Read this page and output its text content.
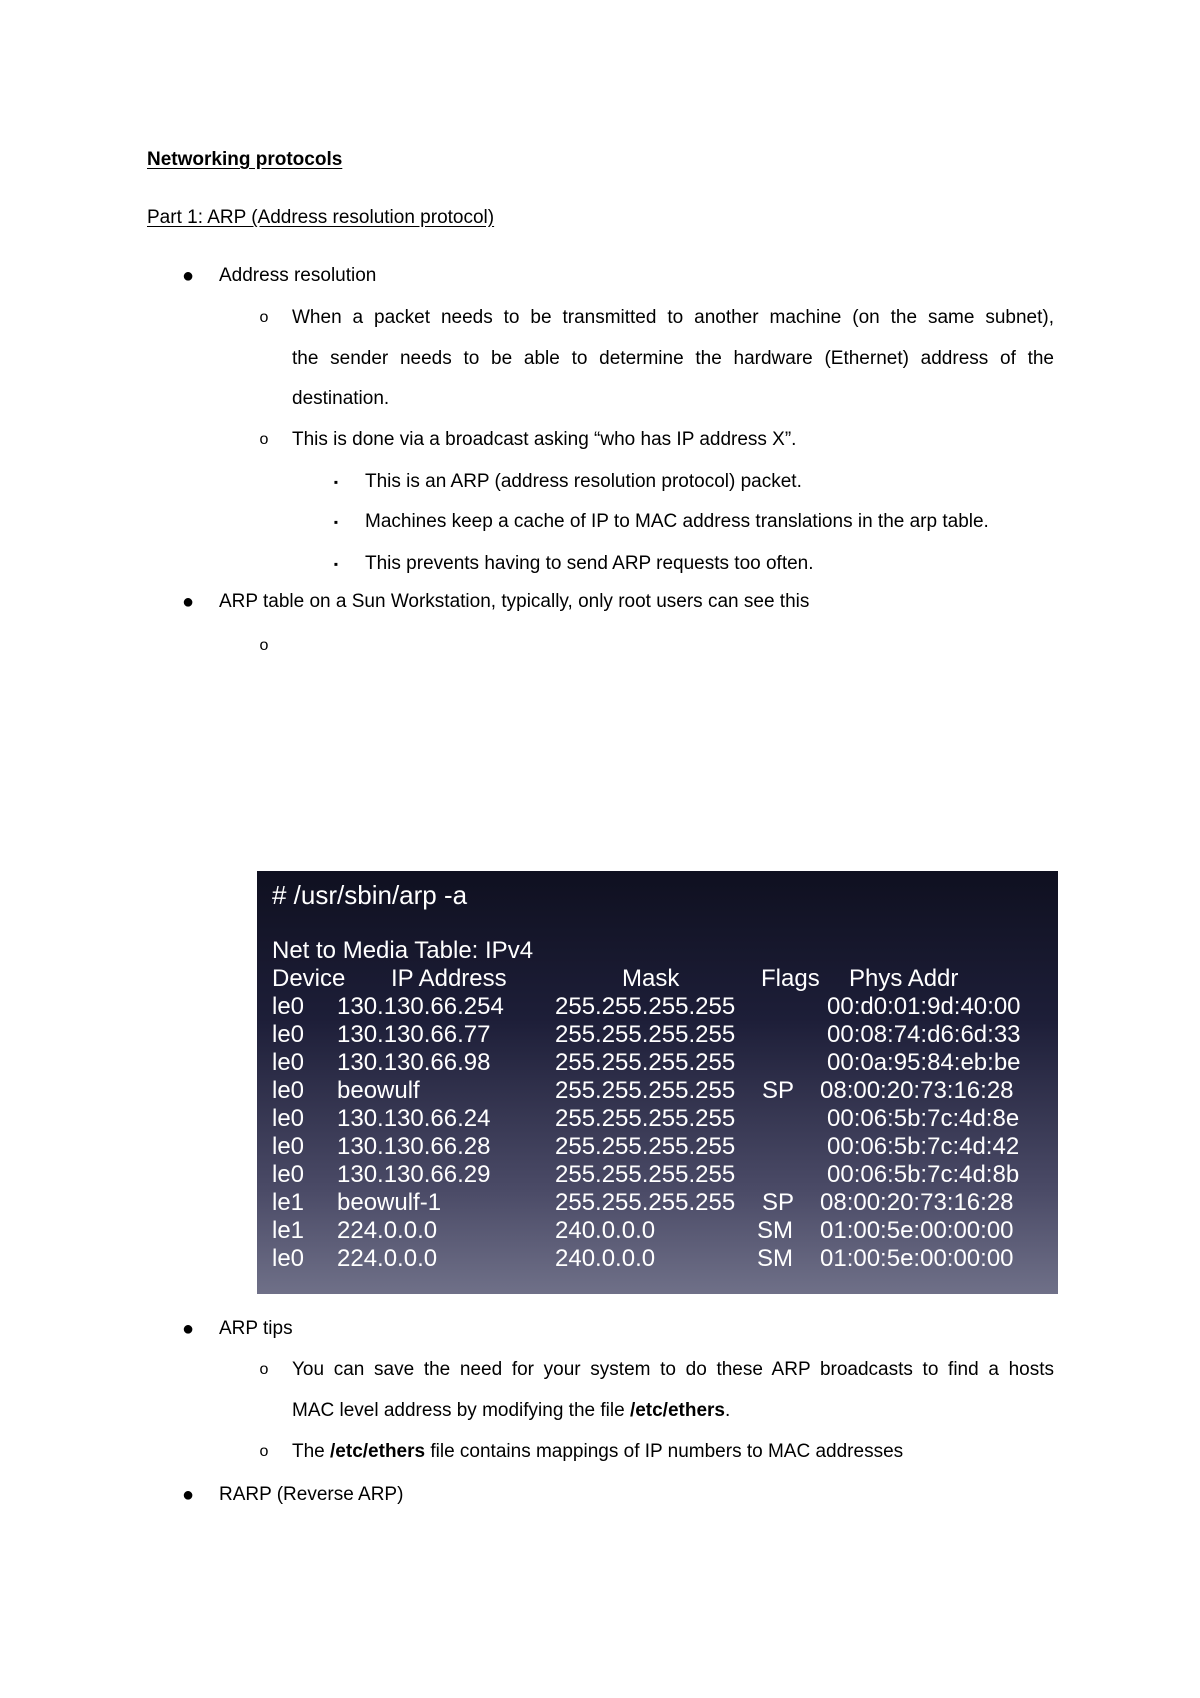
Networking protocols
Part 1: ARP (Address resolution protocol)
● Address resolution
o When a packet needs to be transmitted to another machine (on the same subnet),
the sender needs to be able to determine the hardware (Ethernet) address of the
destination.
o This is done via a broadcast asking “who has IP address X”.
▪	This is an ARP (address resolution protocol) packet.
▪	Machines keep a cache of IP to MAC address translations in the arp table.
▪	This prevents having to send ARP requests too often.
● ARP table on a Sun Workstation, typically, only root users can see this
o
# /usr/sbin/arp -a
Net to Media Table: IPv4
Device IP Address	Mask	Flags Phys Addr
le0 130.130.66.254 255.255.255.255	00:d0:01:9d:40:00
le0 130.130.66.77	255.255.255.255	00:08:74:d6:6d:33
le0 130.130.66.98	255.255.255.255	00:0a:95:84:eb:be
le0 beowulf	255.255.255.255 SP 08:00:20:73:16:28
le0 130.130.66.24	255.255.255.255	00:06:5b:7c:4d:8e
le0 130.130.66.28	255.255.255.255	00:06:5b:7c:4d:42
le0 130.130.66.29	255.255.255.255	00:06:5b:7c:4d:8b
le1 beowulf-1	255.255.255.255 SP 08:00:20:73:16:28
le1 224.0.0.0	240.0.0.0	SM 01:00:5e:00:00:00
le0 224.0.0.0	240.0.0.0	SM 01:00:5e:00:00:00
● ARP tips
o You can save the need for your system to do these ARP broadcasts to find a hosts
MAC level address by modifying the file /etc/ethers.
o The /etc/ethers file contains mappings of IP numbers to MAC addresses
● RARP (Reverse ARP)
